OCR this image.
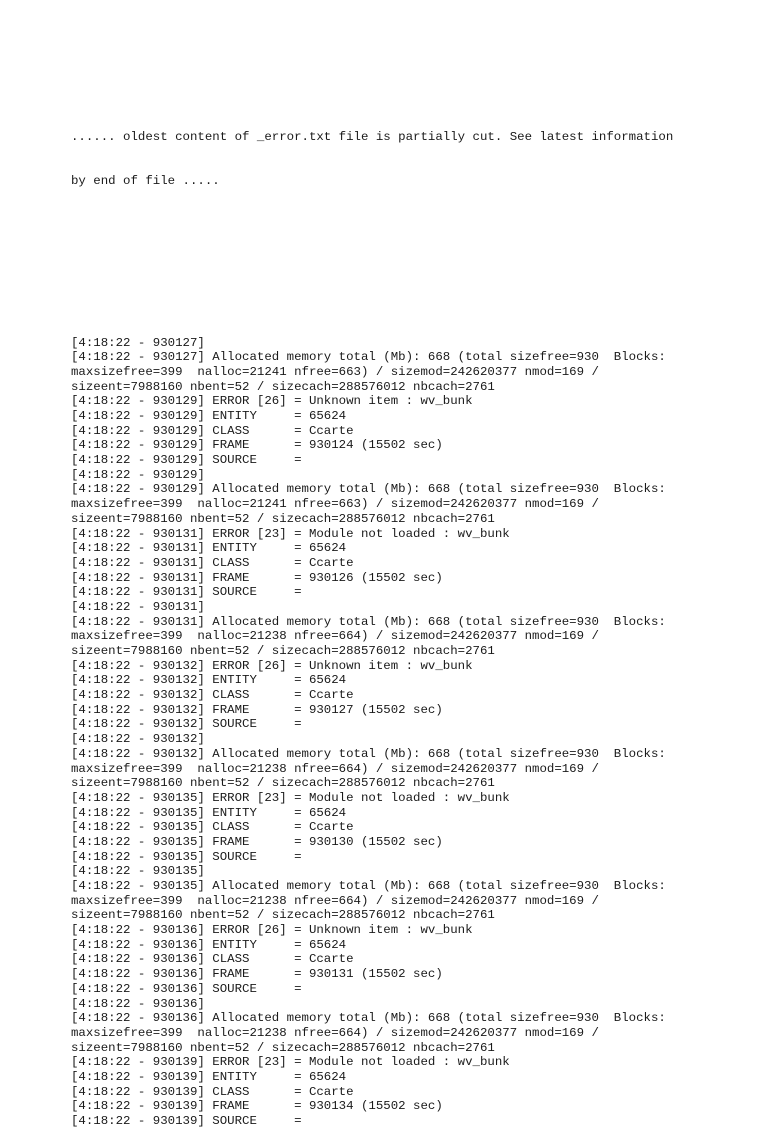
...... oldest content of _error.txt file is partially cut. See latest information

by end of file .....

[4:18:22 - 930127]
[4:18:22 - 930127] Allocated memory total (Mb): 668 (total sizefree=930  Blocks:
maxsizefree=399  nalloc=21241 nfree=663) / sizemod=242620377 nmod=169 /
sizeent=7988160 nbent=52 / sizecach=288576012 nbcach=2761
[4:18:22 - 930129] ERROR [26] = Unknown item : wv_bunk
[4:18:22 - 930129] ENTITY     = 65624
[4:18:22 - 930129] CLASS      = Ccarte
[4:18:22 - 930129] FRAME      = 930124 (15502 sec)
[4:18:22 - 930129] SOURCE     =
[4:18:22 - 930129]
[4:18:22 - 930129] Allocated memory total (Mb): 668 (total sizefree=930  Blocks:
maxsizefree=399  nalloc=21241 nfree=663) / sizemod=242620377 nmod=169 /
sizeent=7988160 nbent=52 / sizecach=288576012 nbcach=2761
[4:18:22 - 930131] ERROR [23] = Module not loaded : wv_bunk
[4:18:22 - 930131] ENTITY     = 65624
[4:18:22 - 930131] CLASS      = Ccarte
[4:18:22 - 930131] FRAME      = 930126 (15502 sec)
[4:18:22 - 930131] SOURCE     =
[4:18:22 - 930131]
[4:18:22 - 930131] Allocated memory total (Mb): 668 (total sizefree=930  Blocks:
maxsizefree=399  nalloc=21238 nfree=664) / sizemod=242620377 nmod=169 /
sizeent=7988160 nbent=52 / sizecach=288576012 nbcach=2761
[4:18:22 - 930132] ERROR [26] = Unknown item : wv_bunk
[4:18:22 - 930132] ENTITY     = 65624
[4:18:22 - 930132] CLASS      = Ccarte
[4:18:22 - 930132] FRAME      = 930127 (15502 sec)
[4:18:22 - 930132] SOURCE     =
[4:18:22 - 930132]
[4:18:22 - 930132] Allocated memory total (Mb): 668 (total sizefree=930  Blocks:
maxsizefree=399  nalloc=21238 nfree=664) / sizemod=242620377 nmod=169 /
sizeent=7988160 nbent=52 / sizecach=288576012 nbcach=2761
[4:18:22 - 930135] ERROR [23] = Module not loaded : wv_bunk
[4:18:22 - 930135] ENTITY     = 65624
[4:18:22 - 930135] CLASS      = Ccarte
[4:18:22 - 930135] FRAME      = 930130 (15502 sec)
[4:18:22 - 930135] SOURCE     =
[4:18:22 - 930135]
[4:18:22 - 930135] Allocated memory total (Mb): 668 (total sizefree=930  Blocks:
maxsizefree=399  nalloc=21238 nfree=664) / sizemod=242620377 nmod=169 /
sizeent=7988160 nbent=52 / sizecach=288576012 nbcach=2761
[4:18:22 - 930136] ERROR [26] = Unknown item : wv_bunk
[4:18:22 - 930136] ENTITY     = 65624
[4:18:22 - 930136] CLASS      = Ccarte
[4:18:22 - 930136] FRAME      = 930131 (15502 sec)
[4:18:22 - 930136] SOURCE     =
[4:18:22 - 930136]
[4:18:22 - 930136] Allocated memory total (Mb): 668 (total sizefree=930  Blocks:
maxsizefree=399  nalloc=21238 nfree=664) / sizemod=242620377 nmod=169 /
sizeent=7988160 nbent=52 / sizecach=288576012 nbcach=2761
[4:18:22 - 930139] ERROR [23] = Module not loaded : wv_bunk
[4:18:22 - 930139] ENTITY     = 65624
[4:18:22 - 930139] CLASS      = Ccarte
[4:18:22 - 930139] FRAME      = 930134 (15502 sec)
[4:18:22 - 930139] SOURCE     =
